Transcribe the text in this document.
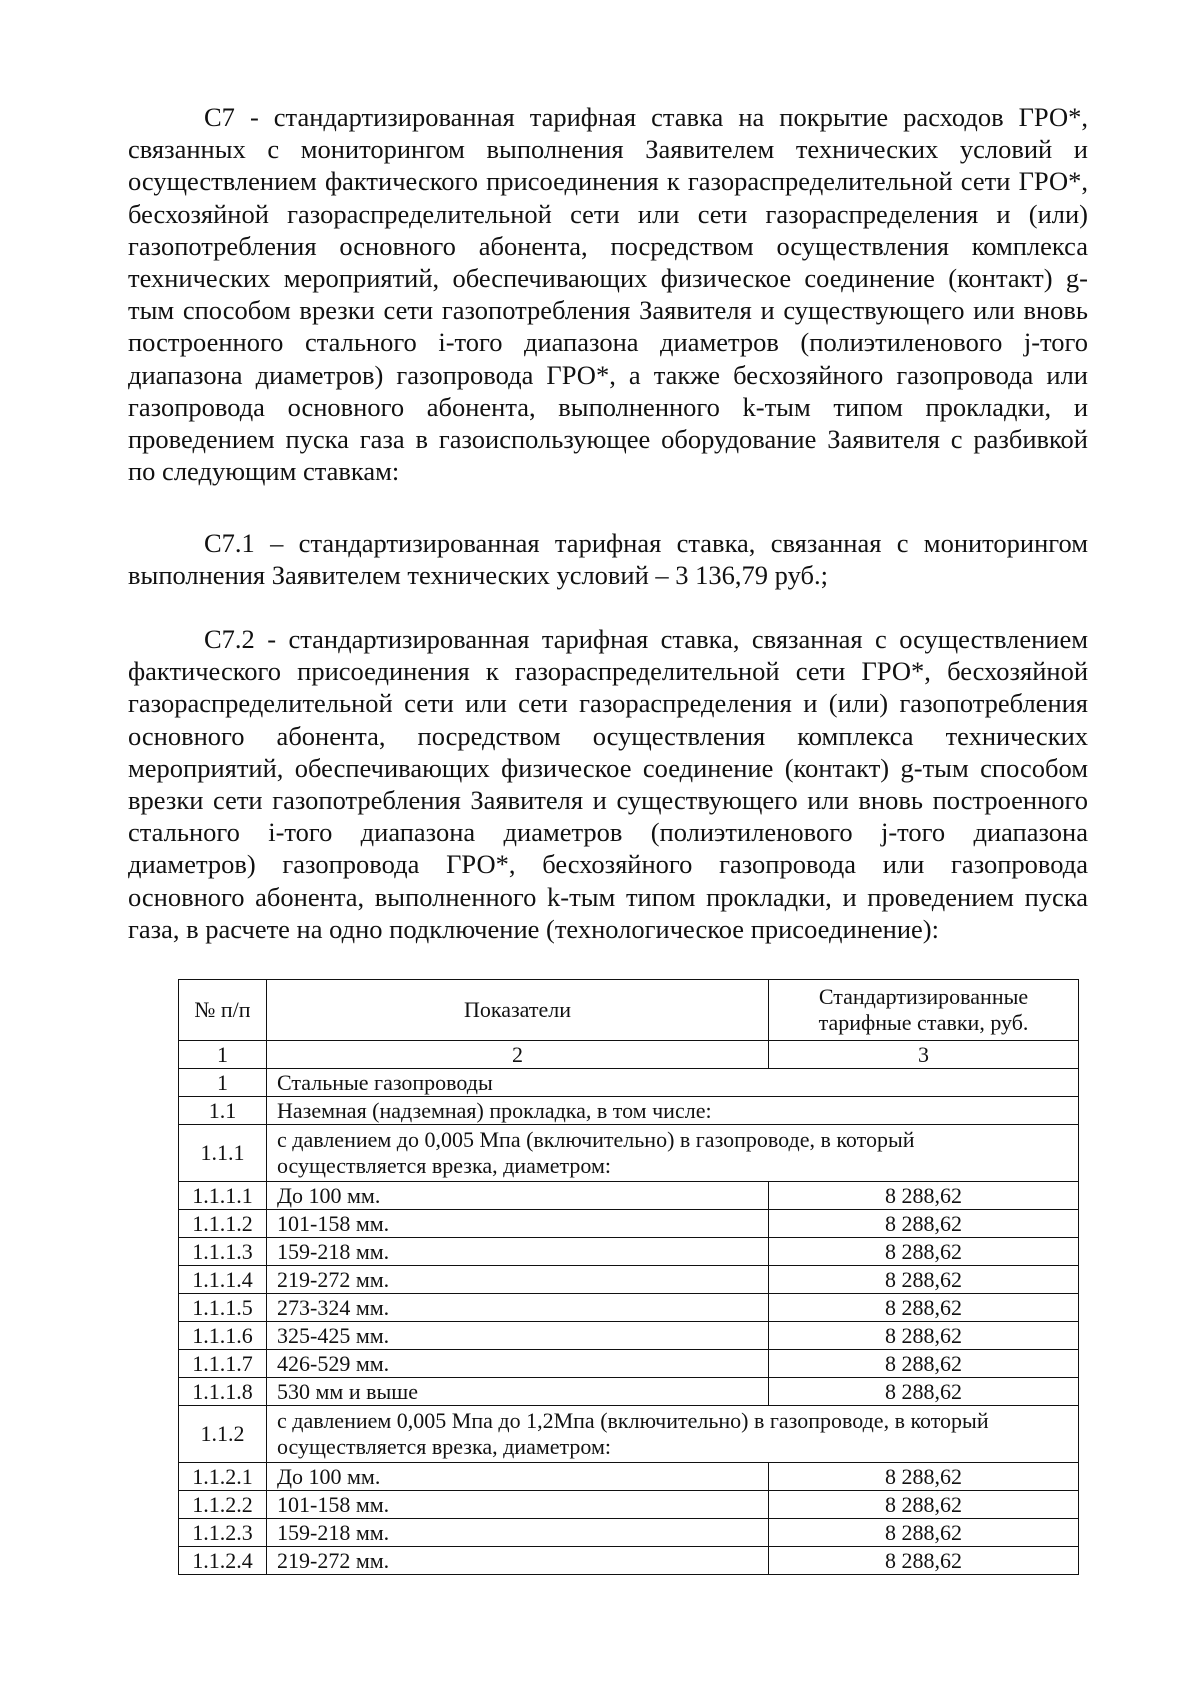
С7 - стандартизированная тарифная ставка на покрытие расходов ГРО*, связанных с мониторингом выполнения Заявителем технических условий и осуществлением фактического присоединения к газораспределительной сети ГРО*, бесхозяйной газораспределительной сети или сети газораспределения и (или) газопотребления основного абонента, посредством осуществления комплекса технических мероприятий, обеспечивающих физическое соединение (контакт) g-тым способом врезки сети газопотребления Заявителя и существующего или вновь построенного стального i-того диапазона диаметров (полиэтиленового j-того диапазона диаметров) газопровода ГРО*, а также бесхозяйного газопровода или газопровода основного абонента, выполненного k-тым типом прокладки, и проведением пуска газа в газоиспользующее оборудование Заявителя с разбивкой по следующим ставкам:

С7.1 – стандартизированная тарифная ставка, связанная с мониторингом выполнения Заявителем технических условий – 3 136,79 руб.;

С7.2 - стандартизированная тарифная ставка, связанная с осуществлением фактического присоединения к газораспределительной сети ГРО*, бесхозяйной газораспределительной сети или сети газораспределения и (или) газопотребления основного абонента, посредством осуществления комплекса технических мероприятий, обеспечивающих физическое соединение (контакт) g-тым способом врезки сети газопотребления Заявителя и существующего или вновь построенного стального i-того диапазона диаметров (полиэтиленового j-того диапазона диаметров) газопровода ГРО*, бесхозяйного газопровода или газопровода основного абонента, выполненного k-тым типом прокладки, и проведением пуска газа, в расчете на одно подключение (технологическое присоединение):

№ п/п	Показатели	Стандартизированные тарифные ставки, руб.
1	2	3
1	Стальные газопроводы	
1.1	Наземная (надземная) прокладка, в том числе:	
1.1.1	с давлением до 0,005 Мпа (включительно) в газопроводе, в который осуществляется врезка, диаметром:	
1.1.1.1	До 100 мм.	8 288,62
1.1.1.2	101-158 мм.	8 288,62
1.1.1.3	159-218 мм.	8 288,62
1.1.1.4	219-272 мм.	8 288,62
1.1.1.5	273-324 мм.	8 288,62
1.1.1.6	325-425 мм.	8 288,62
1.1.1.7	426-529 мм.	8 288,62
1.1.1.8	530 мм и выше	8 288,62
1.1.2	с давлением 0,005 Мпа до 1,2Мпа (включительно) в газопроводе, в который осуществляется врезка, диаметром:	
1.1.2.1	До 100 мм.	8 288,62
1.1.2.2	101-158 мм.	8 288,62
1.1.2.3	159-218 мм.	8 288,62
1.1.2.4	219-272 мм.	8 288,62
